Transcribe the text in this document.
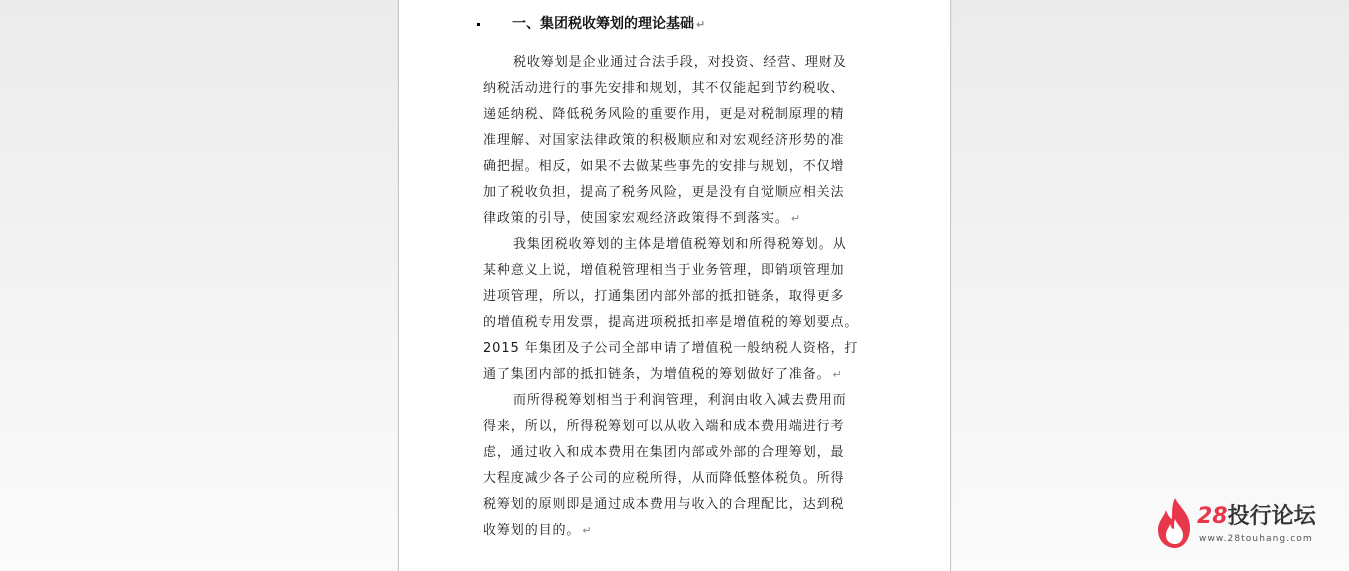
一、集团税收筹划的理论基础 ↵
税收筹划是企业通过合法手段，对投资、经营、理财及
纳税活动进行的事先安排和规划，其不仅能起到节约税收、
递延纳税、降低税务风险的重要作用，更是对税制原理的精
准理解、对国家法律政策的积极顺应和对宏观经济形势的准
确把握。相反，如果不去做某些事先的安排与规划，不仅增
加了税收负担，提高了税务风险，更是没有自觉顺应相关法
律政策的引导，使国家宏观经济政策得不到落实。 ↵
我集团税收筹划的主体是增值税筹划和所得税筹划。从
某种意义上说，增值税管理相当于业务管理，即销项管理加
进项管理，所以，打通集团内部外部的抵扣链条，取得更多
的增值税专用发票，提高进项税抵扣率是增值税的筹划要点。
2015 年集团及子公司全部申请了增值税一般纳税人资格，打
通了集团内部的抵扣链条，为增值税的筹划做好了准备。 ↵
而所得税筹划相当于利润管理，利润由收入减去费用而
得来，所以，所得税筹划可以从收入端和成本费用端进行考
虑，通过收入和成本费用在集团内部或外部的合理筹划，最
大程度减少各子公司的应税所得，从而降低整体税负。所得
税筹划的原则即是通过成本费用与收入的合理配比，达到税
收筹划的目的。 ↵
28投行论坛
www.28touhang.com
